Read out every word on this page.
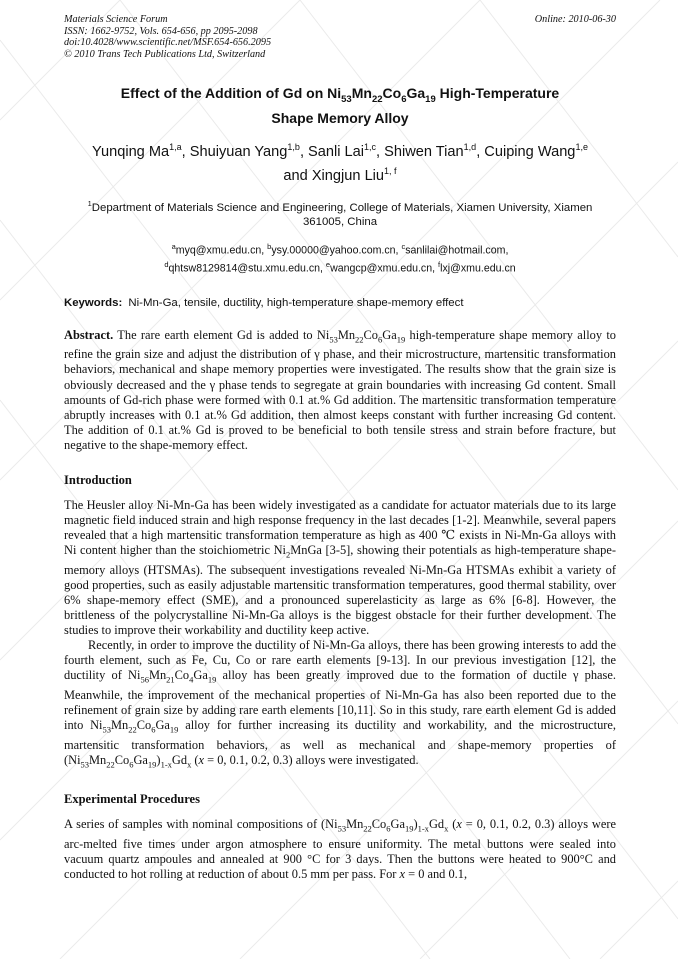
Materials Science Forum
ISSN: 1662-9752, Vols. 654-656, pp 2095-2098
doi:10.4028/www.scientific.net/MSF.654-656.2095
© 2010 Trans Tech Publications Ltd, Switzerland
Online: 2010-06-30
Effect of the Addition of Gd on $Ni_{53}Mn_{22}Co_6Ga_{19}$ High-Temperature
Shape Memory Alloy
Yunqing Ma$^{1,a}$, Shuiyuan Yang$^{1,b}$, Sanli Lai$^{1,c}$, Shiwen Tian$^{1,d}$, Cuiping Wang$^{1,e}$
and Xingjun Liu$^{1, f}$
$^1$Department of Materials Science and Engineering, College of Materials, Xiamen University, Xiamen
361005, China
$^a$myq@xmu.edu.cn, $^b$ysy.00000@yahoo.com.cn, $^c$sanlilai@hotmail.com,
$^d$qhtsw8129814@stu.xmu.edu.cn, $^e$wangcp@xmu.edu.cn, $^f$lxj@xmu.edu.cn
Keywords: Ni-Mn-Ga, tensile, ductility, high-temperature shape-memory effect

Abstract. The rare earth element Gd is added to $Ni_{53}Mn_{22}Co_6Ga_{19}$ high-temperature shape memory alloy to refine the grain size and adjust the distribution of γ phase, and their microstructure, martensitic transformation behaviors, mechanical and shape memory properties were investigated. The results show that the grain size is obviously decreased and the γ phase tends to segregate at grain boundaries with increasing Gd content. Small amounts of Gd-rich phase were formed with 0.1 at.% Gd addition. The martensitic transformation temperature abruptly increases with 0.1 at.% Gd addition, then almost keeps constant with further increasing Gd content. The addition of 0.1 at.% Gd is proved to be beneficial to both tensile stress and strain before fracture, but negative to the shape-memory effect.

Introduction

The Heusler alloy Ni-Mn-Ga has been widely investigated as a candidate for actuator materials due to its large magnetic field induced strain and high response frequency in the last decades [1-2]. Meanwhile, several papers revealed that a high martensitic transformation temperature as high as 400 ℃ exists in Ni-Mn-Ga alloys with Ni content higher than the stoichiometric $Ni_2MnGa$ [3-5], showing their potentials as high-temperature shape-memory alloys (HTSMAs). The subsequent investigations revealed Ni-Mn-Ga HTSMAs exhibit a variety of good properties, such as easily adjustable martensitic transformation temperatures, good thermal stability, over 6% shape-memory effect (SME), and a pronounced superelasticity as large as 6% [6-8]. However, the brittleness of the polycrystalline Ni-Mn-Ga alloys is the biggest obstacle for their further development. The studies to improve their workability and ductility keep active.

Recently, in order to improve the ductility of Ni-Mn-Ga alloys, there has been growing interests to add the fourth element, such as Fe, Cu, Co or rare earth elements [9-13]. In our previous investigation [12], the ductility of $Ni_{56}Mn_{21}Co_4Ga_{19}$ alloy has been greatly improved due to the formation of ductile γ phase. Meanwhile, the improvement of the mechanical properties of Ni-Mn-Ga has also been reported due to the refinement of grain size by adding rare earth elements [10,11]. So in this study, rare earth element Gd is added into $Ni_{53}Mn_{22}Co_6Ga_{19}$ alloy for further increasing its ductility and workability, and the microstructure, martensitic transformation behaviors, as well as mechanical and shape-memory properties of $(Ni_{53}Mn_{22}Co_6Ga_{19})_{1-x}Gd_x$ (x = 0, 0.1, 0.2, 0.3) alloys were investigated.

Experimental Procedures

A series of samples with nominal compositions of $(Ni_{53}Mn_{22}Co_6Ga_{19})_{1-x}Gd_x$ (x = 0, 0.1, 0.2, 0.3) alloys were arc-melted five times under argon atmosphere to ensure uniformity. The metal buttons were sealed into vacuum quartz ampoules and annealed at 900 °C for 3 days. Then the buttons were heated to 900°C and conducted to hot rolling at reduction of about 0.5 mm per pass. For x = 0 and 0.1,
